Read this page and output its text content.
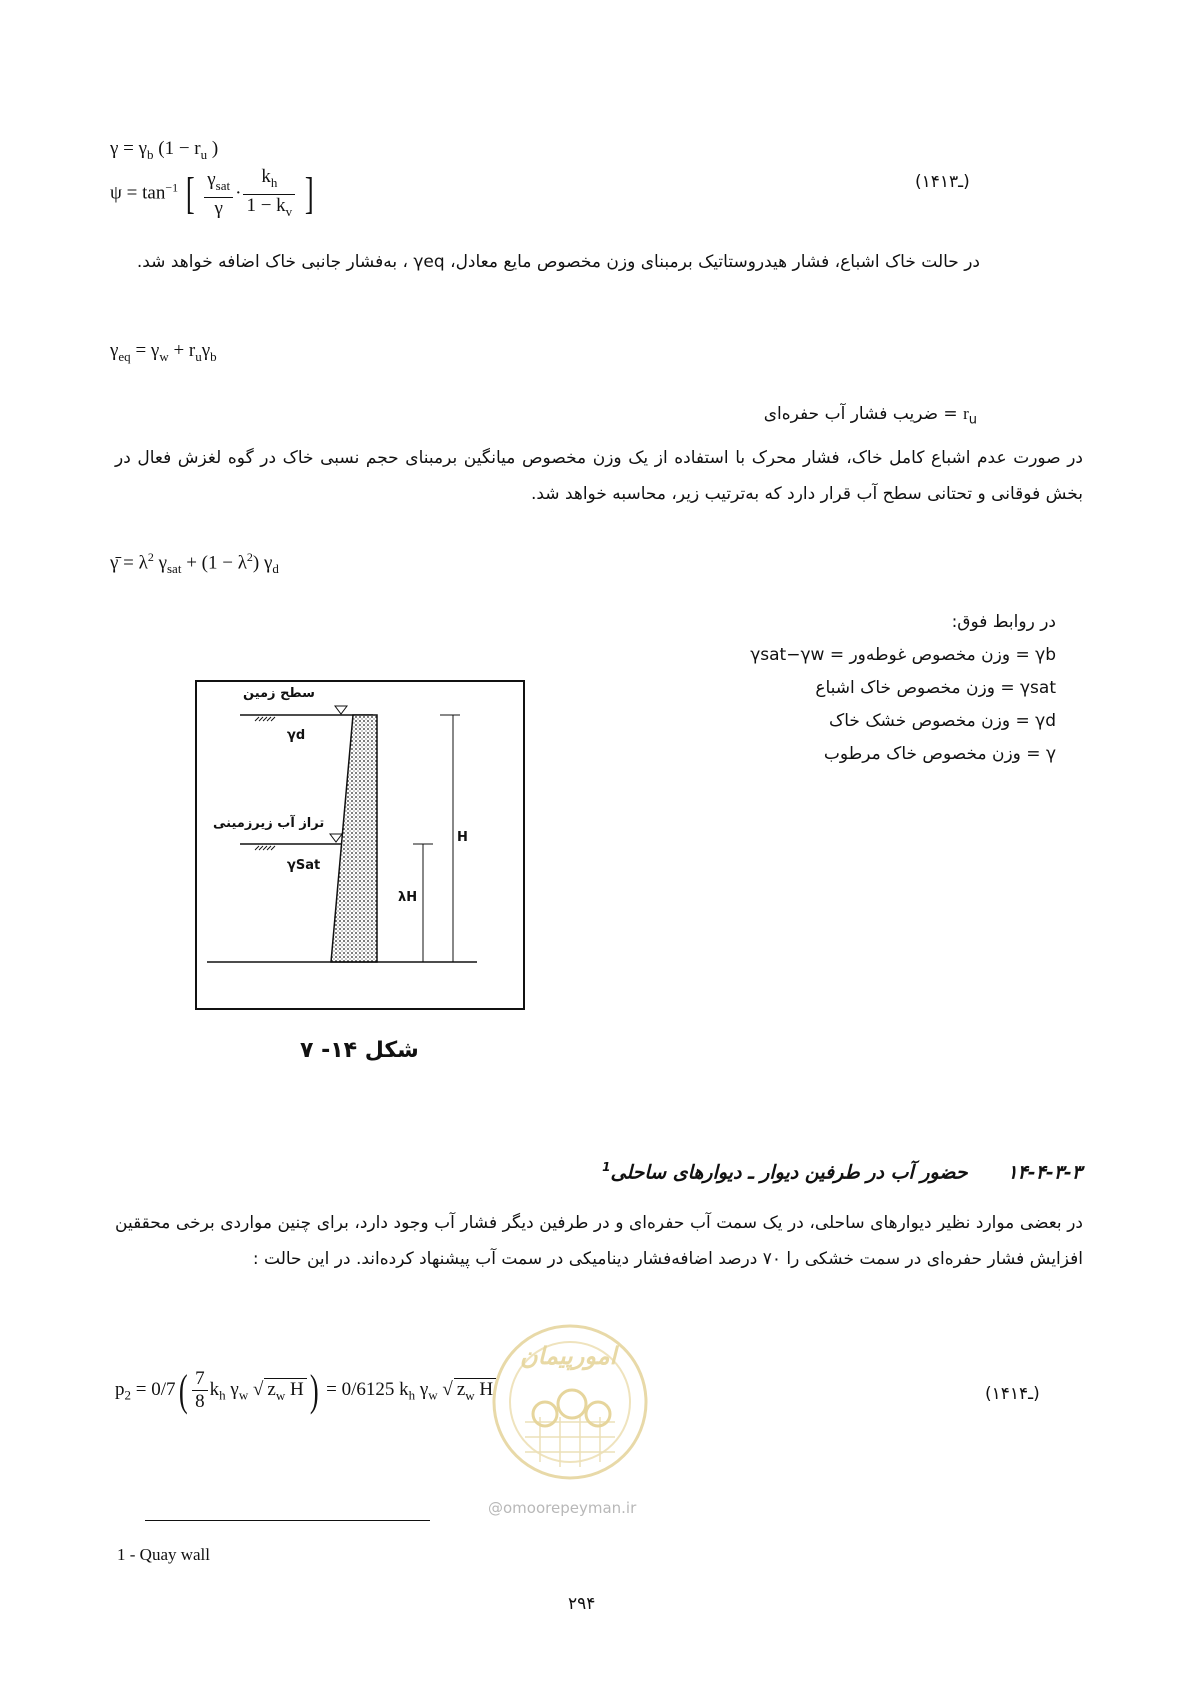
$\gamma = \gamma_b$ ($1 - r_u$ )
$\psi = \tan^{-1}$ [ $\frac{\gamma_{sat}}{\gamma} \cdot \frac{k_h}{1 - k_v}$ ]	(۱۴ـ۱۳)
در حالت خاک اشباع، فشار هیدروستاتیک برمبنای وزن مخصوص مایع معادل، γeq ، به‌فشار جانبی خاک اضافه خواهد شد.
$\gamma_{eq} = \gamma_w + r_u\gamma_b$
$r_u$ = ضریب فشار آب حفره‌ای
در صورت عدم اشباع کامل خاک، فشار محرک با استفاده از یک وزن مخصوص میانگین برمبنای حجم نسبی خاک در گوه لغزش فعال در بخش فوقانی و تحتانی سطح آب قرار دارد که به‌ترتیب زیر، محاسبه خواهد شد.
γ̄ = $\lambda^2$ $\gamma_{sat} + (1 - \lambda^2)$ $\gamma_d$
در روابط فوق:
γb = وزن مخصوص غوطه‌ور = γsat−γw
γsat = وزن مخصوص خاک اشباع
γd = وزن مخصوص خشک خاک
γ = وزن مخصوص خاک مرطوب
سطح زمین
تراز آب زیرزمینی
γd
γSat
H
λH
شکل ۱۴- ۷
۱۴-۴-۳-۳      حضور آب در طرفین دیوار ـ دیوارهای ساحلی$^1$
در بعضی موارد نظیر دیوارهای ساحلی، در یک سمت آب حفره‌ای و در طرفین دیگر فشار آب وجود دارد، برای چنین مواردی برخی محققین افزایش فشار حفره‌ای در سمت خشکی را ۷۰ درصد اضافه‌فشار دینامیکی در سمت آب پیشنهاد کرده‌اند. در این حالت :
$p_2 = 0/7( \frac{7}{8} k_h$ $\gamma_w$ √ $z_w$ H ) = 0/6125 $k_h$ $\gamma_w$ √ $z_w$ H	(۱۴ـ۱۴)
امورپیمان
@omoorepeyman.ir
1 - Quay wall
۲۹۴
